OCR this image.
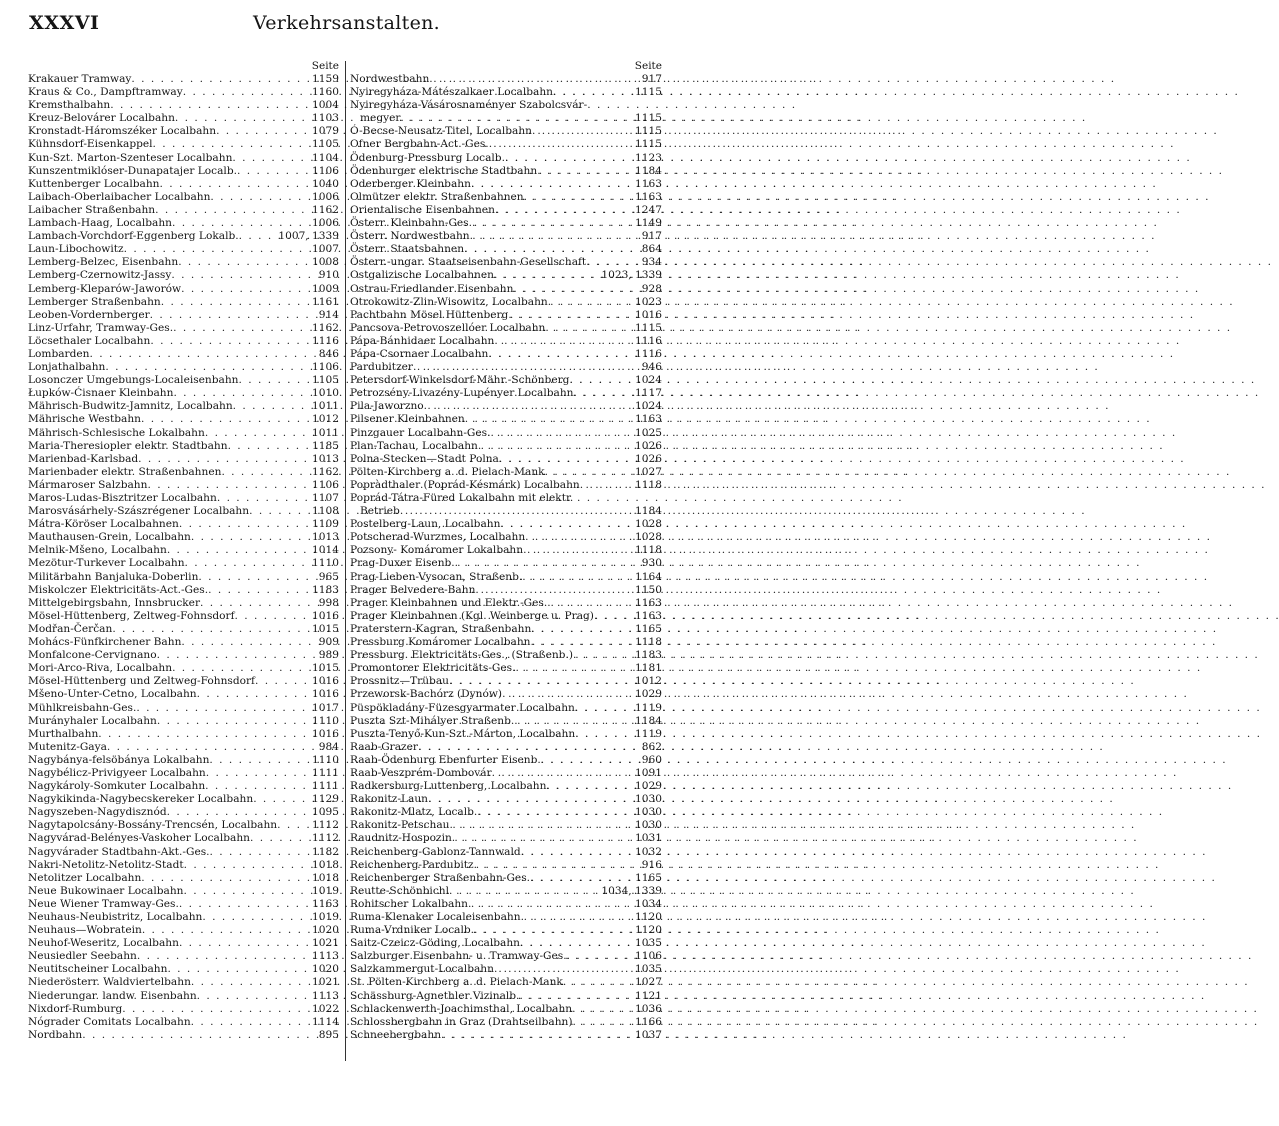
XXXVI	Verkehrsanstalten.
Seite
Krakauer Tramway . . .	1159
Kraus & Co., Dampftramway . . .	1160
Kremsthalbahn . . .	1004
Kreuz-Belovárer Localbahn . . .	1103
Kronstadt-Háromszéker Localbahn . . .	1079
Kühnsdorf-Eisenkappel . . .	1105
Kun-Szt. Marton-Szenteser Localbahn . . .	1104
Kunszentmiklóser-Dunapatajer Localb. . . .	1106
Kuttenberger Localbahn . . .	1040
Laibach-Oberlaibacher Localbahn . . .	1006
Laibacher Straßenbahn . . .	1162
Lambach-Haag, Localbahn . . .	1006
Lambach-Vorchdorf-Eggenberg Lokalb. . . .	1007, 1339
Laun-Libochowitz . . .	1007
Lemberg-Belzec, Eisenbahn . . .	1008
Lemberg-Czernowitz-Jassy . . .	910
Lemberg-Kleparów-Jaworów . . .	1009
Lemberger Straßenbahn . . .	1161
Leoben-Vordernberger . . .	914
Linz-Urfahr, Tramway-Ges. . . .	1162
Löcsethaler Localbahn . . .	1116
Lombarden . . .	846
Lonjathalbahn . . .	1106
Losonczer Umgebungs-Localeisenbahn . . .	1105
Łupków-Ćisnaer Kleinbahn . . .	1010
Mährisch-Budwitz-Jamnitz, Localbahn . . .	1011
Mährische Westbahn . . .	1012
Mährisch-Schlesische Lokalbahn . . .	1011
Maria-Theresiopler elektr. Stadtbahn . . .	1185
Marienbad-Karlsbad . . .	1013
Marienbader elektr. Straßenbahnen . . .	1162
Mármaroser Salzbahn . . .	1106
Maros-Ludas-Bisztritzer Localbahn . . .	1107
Marosvásárhely-Szászrégener Localbahn . . .	1108
Mátra-Köröser Localbahnen . . .	1109
Mauthausen-Grein, Localbahn . . .	1013
Melnik-Mšeno, Localbahn . . .	1014
Mezötur-Turkever Localbahn . . .	1110
Militärbahn Banjaluka-Doberlin . . .	965
Miskolczer Elektricitäts-Act.-Ges. . . .	1183
Mittelgebirgsbahn, Innsbrucker . . .	998
Mösel-Hüttenberg, Zeltweg-Fohnsdorf . . .	1016
Modřan-Čerčan . . .	1015
Mohács-Fünfkirchener Bahn . . .	909
Monfalcone-Cervignano . . .	989
Mori-Arco-Riva, Localbahn . . .	1015
Mösel-Hüttenberg und Zeltweg-Fohnsdorf . . .	1016
Mšeno-Unter-Cetno, Localbahn . . .	1016
Mühlkreisbahn-Ges. . . .	1017
Murányhaler Localbahn . . .	1110
Murthalbahn . . .	1016
Mutenitz-Gaya . . .	984
Nagybánya-felsöbánya Lokalbahn . . .	1110
Nagybélicz-Privigyeer Localbahn . . .	1111
Nagykároly-Somkuter Localbahn . . .	1111
Nagykikinda-Nagybecskereker Localbahn . . .	1129
Nagyszeben-Nagydisznód . . .	1095
Nagytapolcsány-Bossány-Trencsén, Localbahn . . .	1112
Nagyvárad-Belényes-Vaskoher Localbahn . . .	1112
Nagyvárader Stadtbahn-Akt.-Ges. . . .	1182
Nakri-Netolitz-Netolitz-Stadt . . .	1018
Netolitzer Localbahn . . .	1018
Neue Bukowinaer Localbahn . . .	1019
Neue Wiener Tramway-Ges. . . .	1163
Neuhaus-Neubistritz, Localbahn . . .	1019
Neuhaus—Wobratein . . .	1020
Neuhof-Weseritz, Localbahn . . .	1021
Neusiedler Seebahn . . .	1113
Neutitscheiner Localbahn . . .	1020
Niederösterr. Waldviertelbahn . . .	1021
Niederungar. landw. Eisenbahn . . .	1113
Nixdorf-Rumburg . . .	1022
Nógrader Comitats Localbahn . . .	1114
Nordbahn . . .	895
Seite
Nordwestbahn . . .	917
Nyiregyháza-Mátészalkaer Localbahn . . .	1115
Nyiregyháza-Vásárosnaményer Szabolcsvár-
megyer . . .	1115
Ó-Becse-Neusatz-Titel, Localbahn . . .	1115
Ofner Bergbahn-Act.-Ges. . . .	1115
Ödenburg-Pressburg Localb. . . .	1123
Ödenburger elektrische Stadtbahn . . .	1184
Oderberger Kleinbahn . . .	1163
Olmützer elektr. Straßenbahnen . . .	1163
Orientalische Eisenbahnen . . .	1247
Österr. Kleinbahn-Ges. . . .	1149
Österr. Nordwestbahn . . .	917
Österr. Staatsbahnen . . .	864
Österr.-ungar. Staatseisenbahn-Gesellschaft . . .	934
Ostgalizische Localbahnen . . .	1023, 1339
Ostrau-Friedlander Eisenbahn . . .	928
Otrokowitz-Zlin-Wisowitz, Localbahn . . .	1023
Pachtbahn Mösel Hüttenberg . . .	1016
Pancsova-Petrovoszellóer Localbahn . . .	1115
Pápa-Bánhidaer Localbahn . . .	1116
Pápa-Csornaer Localbahn . . .	1116
Pardubitzer . . .	946
Petersdorf-Winkelsdorf-Mähr.-Schönberg . . .	1024
Petrozsény-Livazény-Lupényer Localbahn . . .	1117
Pila-Jaworzno . . .	1024
Pilsener Kleinbahnen . . .	1163
Pinzgauer Localbahn-Ges. . . .	1025
Plan-Tachau, Localbahn . . .	1026
Polna-Stecken—Stadt Polna . . .	1026
Pölten-Kirchberg a. d. Pielach-Mank . . .	1027
Popràdthaler (Poprád-Késmárk) Localbahn . . .	1118
Poprád-Tátra-Füred Lokalbahn mit elektr.
Betrieb . . .	1184
Postelberg-Laun, Localbahn . . .	1028
Potscherad-Wurzmes, Localbahn . . .	1028
Pozsony- Komáromer Lokalbahn . . .	1118
Prag-Duxer Eisenb. . . .	930
Prag-Lieben-Vysocan, Straßenb. . . .	1164
Prager Belvedere-Bahn . . .	1150
Prager Kleinbahnen und Elektr.-Ges. . . .	1163
Prager Kleinbahnen (Kgl. Weinberge u. Prag) . . .	1163
Praterstern-Kagran, Straßenbahn . . .	1165
Pressburg Komáromer Localbahn . . .	1118
Pressburg. Elektricitäts-Ges., (Straßenb.) . . .	1183
Promontorer Elektricitäts-Ges. . . .	1181
Prossnitz—Trübau . . .	1012
Przeworsk-Bachórz (Dynów) . . .	1029
Püspökladány-Füzesgyarmater Localbahn . . .	1119
Puszta Szt-Mihályer Straßenb. . . .	1184
Puszta-Tenyő-Kun-Szt.-Márton, Localbahn . . .	1119
Raab-Grazer . . .	862
Raab-Ödenburg Ebenfurter Eisenb. . . .	960
Raab-Veszprém-Dombovár . . .	1091
Radkersburg-Luttenberg, Localbahn . . .	1029
Rakonitz-Laun . . .	1030
Rakonitz-Mlatz, Localb. . . .	1030
Rakonitz-Petschau . . .	1030
Raudnitz-Hospozin . . .	1031
Reichenberg-Gablonz-Tannwald . . .	1032
Reichenberg-Pardubitz . . .	916
Reichenberger Straßenbahn-Ges. . . .	1165
Reutte-Schönbichl . . .	1034, 1339
Rohitscher Lokalbahn . . .	1034
Ruma-Klenaker Localeisenbahn . . .	1120
Ruma-Vrdniker Localb. . . .	1120
Saitz-Czeicz-Göding, Localbahn . . .	1035
Salzburger Eisenbahn- u. Tramway-Ges. . . .	1106
Salzkammergut-Localbahn . . .	1035
St. Pölten-Kirchberg a. d. Pielach-Mank . . .	1027
Schässburg-Agnethler Vizinalb. . . .	1121
Schlackenwerth-Joachimsthal, Localbahn . . .	1036
Schlossbergbahn in Graz (Drahtseilbahn) . . .	1166
Schneebergbahn . . .	1037
